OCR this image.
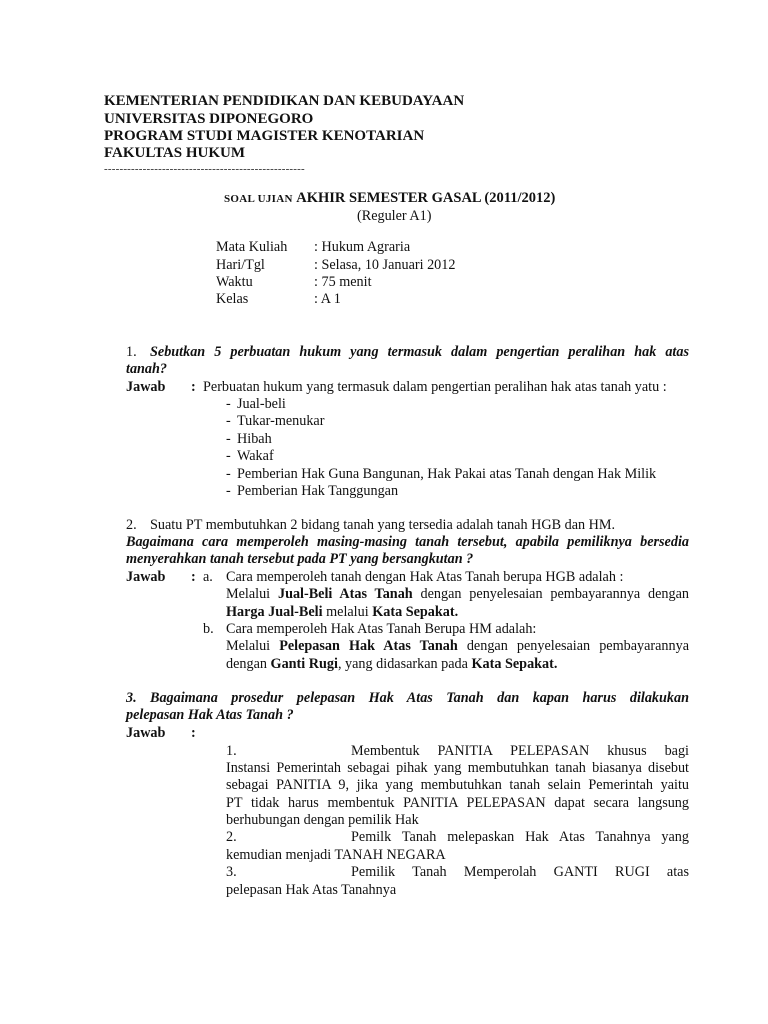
KEMENTERIAN PENDIDIKAN DAN KEBUDAYAAN
UNIVERSITAS DIPONEGORO
PROGRAM STUDI MAGISTER KENOTARIAN
FAKULTAS HUKUM
----------------------------------------------------
SOAL UJIAN AKHIR SEMESTER GASAL (2011/2012)
(Reguler A1)
Mata Kuliah : Hukum Agraria
Hari/Tgl	: Selasa, 10 Januari 2012
Waktu	: 75 menit
Kelas	: A 1
1. Sebutkan 5 perbuatan hukum yang termasuk dalam pengertian peralihan hak atas
tanah?
Jawab : Perbuatan hukum yang termasuk dalam pengertian peralihan hak atas tanah yatu :
- Jual-beli
- Tukar-menukar
- Hibah
- Wakaf
- Pemberian Hak Guna Bangunan, Hak Pakai atas Tanah dengan Hak Milik
- Pemberian Hak Tanggungan
2. Suatu PT membutuhkan 2 bidang tanah yang tersedia adalah tanah HGB dan HM.
Bagaimana cara memperoleh masing-masing tanah tersebut, apabila pemiliknya bersedia
menyerahkan tanah tersebut pada PT yang bersangkutan ?
Jawab : a. Cara memperoleh tanah dengan Hak Atas Tanah berupa HGB adalah :
Melalui Jual-Beli Atas Tanah dengan penyelesaian pembayarannya dengan
Harga Jual-Beli melalui Kata Sepakat.
b. Cara memperoleh Hak Atas Tanah Berupa HM adalah:
Melalui Pelepasan Hak Atas Tanah dengan penyelesaian pembayarannya
dengan Ganti Rugi, yang didasarkan pada Kata Sepakat.
3. Bagaimana prosedur pelepasan Hak Atas Tanah dan kapan harus dilakukan
pelepasan Hak Atas Tanah ?
Jawab :
1.	Membentuk PANITIA PELEPASAN khusus bagi
Instansi Pemerintah sebagai pihak yang membutuhkan tanah biasanya disebut
sebagai PANITIA 9, jika yang membutuhkan tanah selain Pemerintah yaitu
PT tidak harus membentuk PANITIA PELEPASAN dapat secara langsung
berhubungan dengan pemilik Hak
2.	Pemilk Tanah melepaskan Hak Atas Tanahnya yang
kemudian menjadi TANAH NEGARA
3.	Pemilik Tanah Memperolah GANTI RUGI atas
pelepasan Hak Atas Tanahnya
